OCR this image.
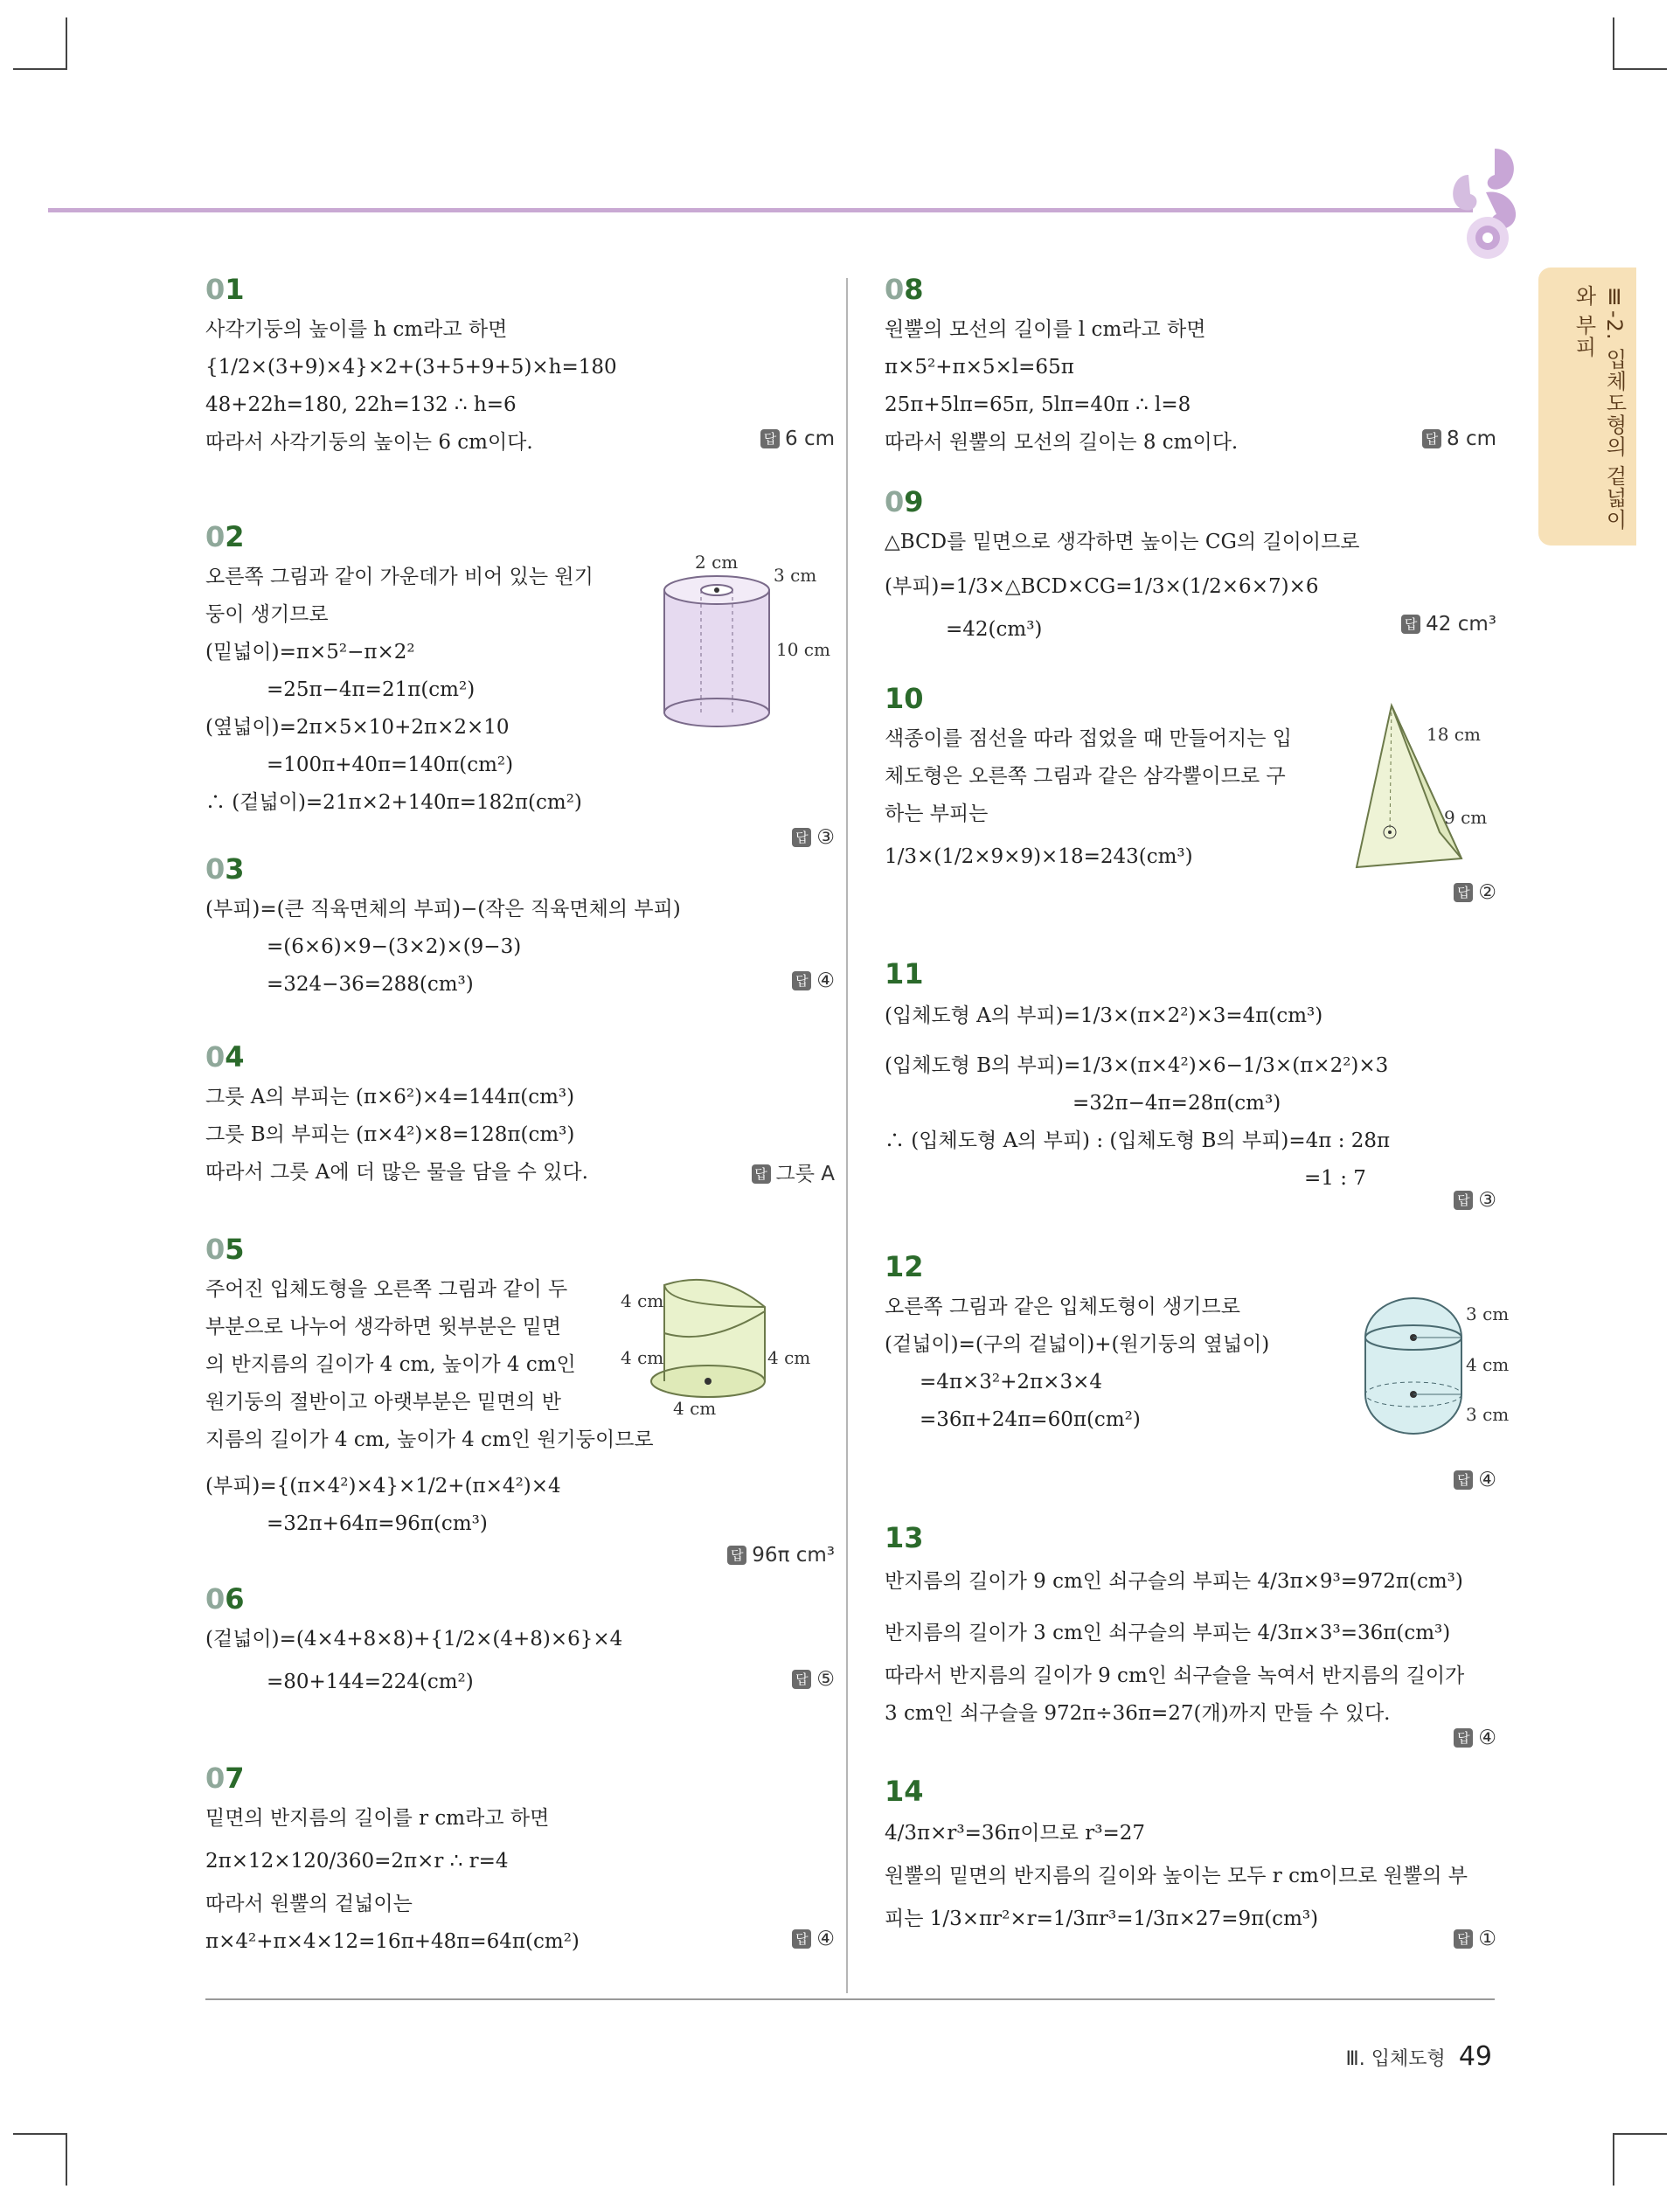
Ⅲ-2. 입체도형의 겉넓이와 부피
01
사각기둥의 높이를 h cm라고 하면
{1/2×(3+9)×4}×2+(3+5+9+5)×h=180
48+22h=180, 22h=132 ∴ h=6
따라서 사각기둥의 높이는 6 cm이다.	답 6 cm
02
오른쪽 그림과 같이 가운데가 비어 있는 원기
둥이 생기므로
(밑넓이)=π×5²−π×2²
=25π−4π=21π(cm²)
(옆넓이)=2π×5×10+2π×2×10
=100π+40π=140π(cm²)
∴ (겉넓이)=21π×2+140π=182π(cm²)
2 cm
3 cm
10 cm
답 ③
03
(부피)=(큰 직육면체의 부피)−(작은 직육면체의 부피)
=(6×6)×9−(3×2)×(9−3)
=324−36=288(cm³)	답 ④
04
그릇 A의 부피는 (π×6²)×4=144π(cm³)
그릇 B의 부피는 (π×4²)×8=128π(cm³)
따라서 그릇 A에 더 많은 물을 담을 수 있다.	답 그릇 A
05
주어진 입체도형을 오른쪽 그림과 같이 두
부분으로 나누어 생각하면 윗부분은 밑면
의 반지름의 길이가 4 cm, 높이가 4 cm인
원기둥의 절반이고 아랫부분은 밑면의 반
지름의 길이가 4 cm, 높이가 4 cm인 원기둥이므로
(부피)={(π×4²)×4}×1/2+(π×4²)×4
=32π+64π=96π(cm³)
4 cm
4 cm	4 cm
4 cm
답 96π cm³
06
(겉넓이)=(4×4+8×8)+{1/2×(4+8)×6}×4
=80+144=224(cm²)	답 ⑤
07
밑면의 반지름의 길이를 r cm라고 하면
2π×12×120/360=2π×r ∴ r=4
따라서 원뿔의 겉넓이는
π×4²+π×4×12=16π+48π=64π(cm²)	답 ④
08
원뿔의 모선의 길이를 l cm라고 하면
π×5²+π×5×l=65π
25π+5lπ=65π, 5lπ=40π ∴ l=8
따라서 원뿔의 모선의 길이는 8 cm이다.	답 8 cm
09
△BCD를 밑면으로 생각하면 높이는 CG의 길이이므로
(부피)=1/3×△BCD×CG=1/3×(1/2×6×7)×6
=42(cm³)	답 42 cm³
10
색종이를 점선을 따라 접었을 때 만들어지는 입
체도형은 오른쪽 그림과 같은 삼각뿔이므로 구
하는 부피는
1/3×(1/2×9×9)×18=243(cm³)
18 cm
9 cm
답 ②
11
(입체도형 A의 부피)=1/3×(π×2²)×3=4π(cm³)
(입체도형 B의 부피)=1/3×(π×4²)×6−1/3×(π×2²)×3
=32π−4π=28π(cm³)
∴ (입체도형 A의 부피) : (입체도형 B의 부피)=4π : 28π
=1 : 7
답 ③
12
오른쪽 그림과 같은 입체도형이 생기므로
(겉넓이)=(구의 겉넓이)+(원기둥의 옆넓이)
=4π×3²+2π×3×4
=36π+24π=60π(cm²)
3 cm
4 cm
3 cm
답 ④
13
반지름의 길이가 9 cm인 쇠구슬의 부피는 4/3π×9³=972π(cm³)
반지름의 길이가 3 cm인 쇠구슬의 부피는 4/3π×3³=36π(cm³)
따라서 반지름의 길이가 9 cm인 쇠구슬을 녹여서 반지름의 길이가
3 cm인 쇠구슬을 972π÷36π=27(개)까지 만들 수 있다.
답 ④
14
4/3π×r³=36π이므로 r³=27
원뿔의 밑면의 반지름의 길이와 높이는 모두 r cm이므로 원뿔의 부
피는 1/3×πr²×r=1/3πr³=1/3π×27=9π(cm³)
답 ①
Ⅲ. 입체도형 49
